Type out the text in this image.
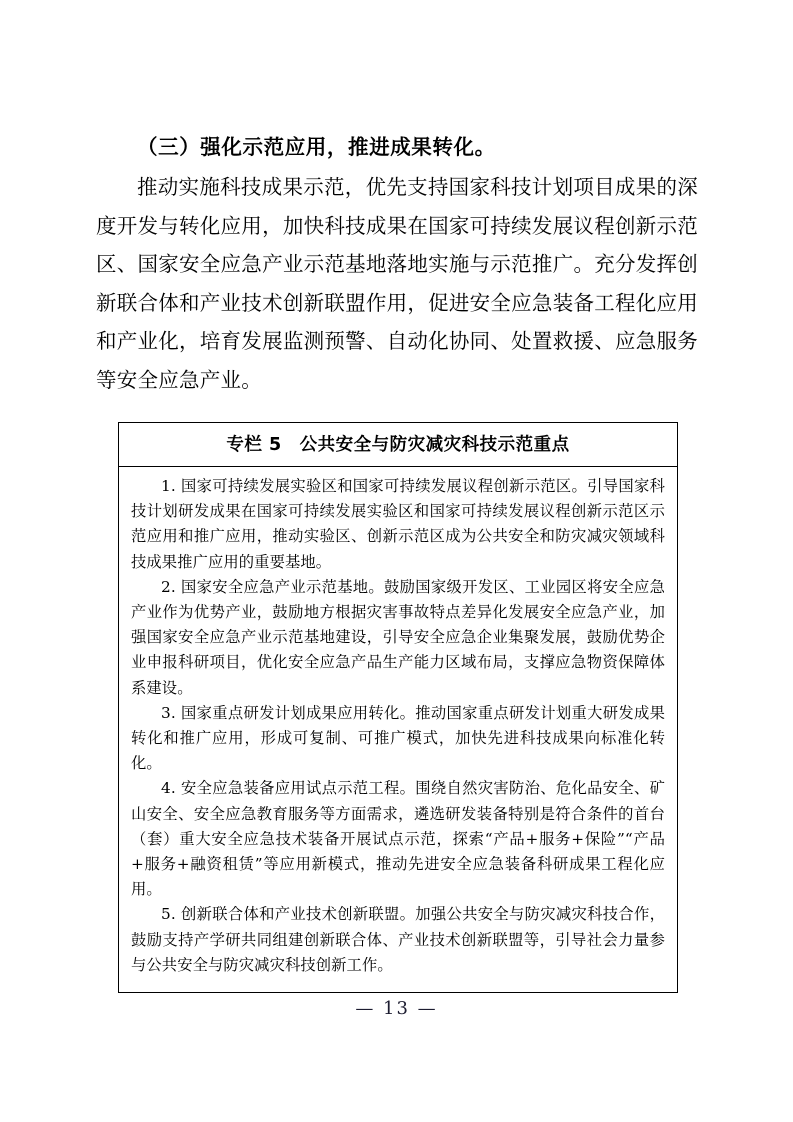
（三）强化示范应用，推进成果转化。

推动实施科技成果示范，优先支持国家科技计划项目成果的深度开发与转化应用，加快科技成果在国家可持续发展议程创新示范区、国家安全应急产业示范基地落地实施与示范推广。充分发挥创新联合体和产业技术创新联盟作用，促进安全应急装备工程化应用和产业化，培育发展监测预警、自动化协同、处置救援、应急服务等安全应急产业。

专栏 5　公共安全与防灾减灾科技示范重点

1. 国家可持续发展实验区和国家可持续发展议程创新示范区。引导国家科技计划研发成果在国家可持续发展实验区和国家可持续发展议程创新示范区示范应用和推广应用，推动实验区、创新示范区成为公共安全和防灾减灾领域科技成果推广应用的重要基地。

2. 国家安全应急产业示范基地。鼓励国家级开发区、工业园区将安全应急产业作为优势产业，鼓励地方根据灾害事故特点差异化发展安全应急产业，加强国家安全应急产业示范基地建设，引导安全应急企业集聚发展，鼓励优势企业申报科研项目，优化安全应急产品生产能力区域布局，支撑应急物资保障体系建设。

3. 国家重点研发计划成果应用转化。推动国家重点研发计划重大研发成果转化和推广应用，形成可复制、可推广模式，加快先进科技成果向标准化转化。

4. 安全应急装备应用试点示范工程。围绕自然灾害防治、危化品安全、矿山安全、安全应急教育服务等方面需求，遴选研发装备特别是符合条件的首台（套）重大安全应急技术装备开展试点示范，探索“产品+服务+保险”“产品+服务+融资租赁”等应用新模式，推动先进安全应急装备科研成果工程化应用。

5. 创新联合体和产业技术创新联盟。加强公共安全与防灾减灾科技合作，鼓励支持产学研共同组建创新联合体、产业技术创新联盟等，引导社会力量参与公共安全与防灾减灾科技创新工作。

— 13 —
